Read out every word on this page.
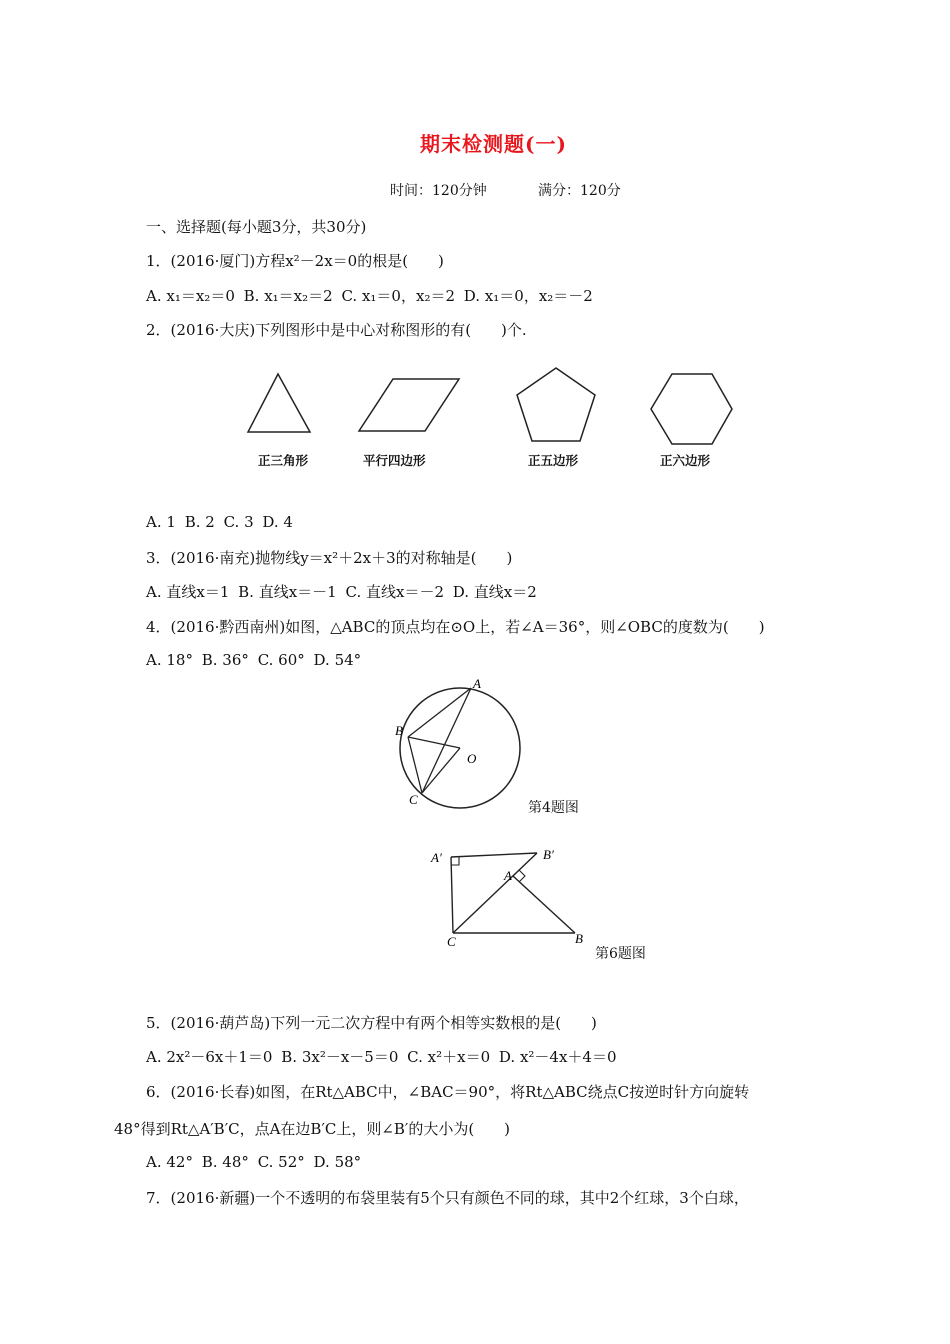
期末检测题(一)
时间：120分钟	满分：120分
一、选择题(每小题3分，共30分)
1．(2016·厦门)方程x²－2x＝0的根是(　　)
A. x₁＝x₂＝0 B. x₁＝x₂＝2 C. x₁＝0，x₂＝2 D. x₁＝0，x₂＝－2
2．(2016·大庆)下列图形中是中心对称图形的有(　　)个.
正三角形	平行四边形	正五边形	正六边形
A. 1 B. 2 C. 3 D. 4
3．(2016·南充)抛物线y＝x²＋2x＋3的对称轴是(　　)
A. 直线x＝1 B. 直线x＝－1 C. 直线x＝－2 D. 直线x＝2
4．(2016·黔西南州)如图，△ABC的顶点均在⊙O上，若∠A＝36°，则∠OBC的度数为(　　)
A. 18° B. 36° C. 60° D. 54°
A
B
C
O
第4题图
A′	B′
A
C	B
第6题图
5．(2016·葫芦岛)下列一元二次方程中有两个相等实数根的是(　　)
A. 2x²－6x＋1＝0 B. 3x²－x－5＝0 C. x²＋x＝0 D. x²－4x＋4＝0
6．(2016·长春)如图，在Rt△ABC中，∠BAC＝90°，将Rt△ABC绕点C按逆时针方向旋转
48°得到Rt△A′B′C，点A在边B′C上，则∠B′的大小为(　　)
A. 42° B. 48° C. 52° D. 58°
7．(2016·新疆)一个不透明的布袋里装有5个只有颜色不同的球，其中2个红球，3个白球，
